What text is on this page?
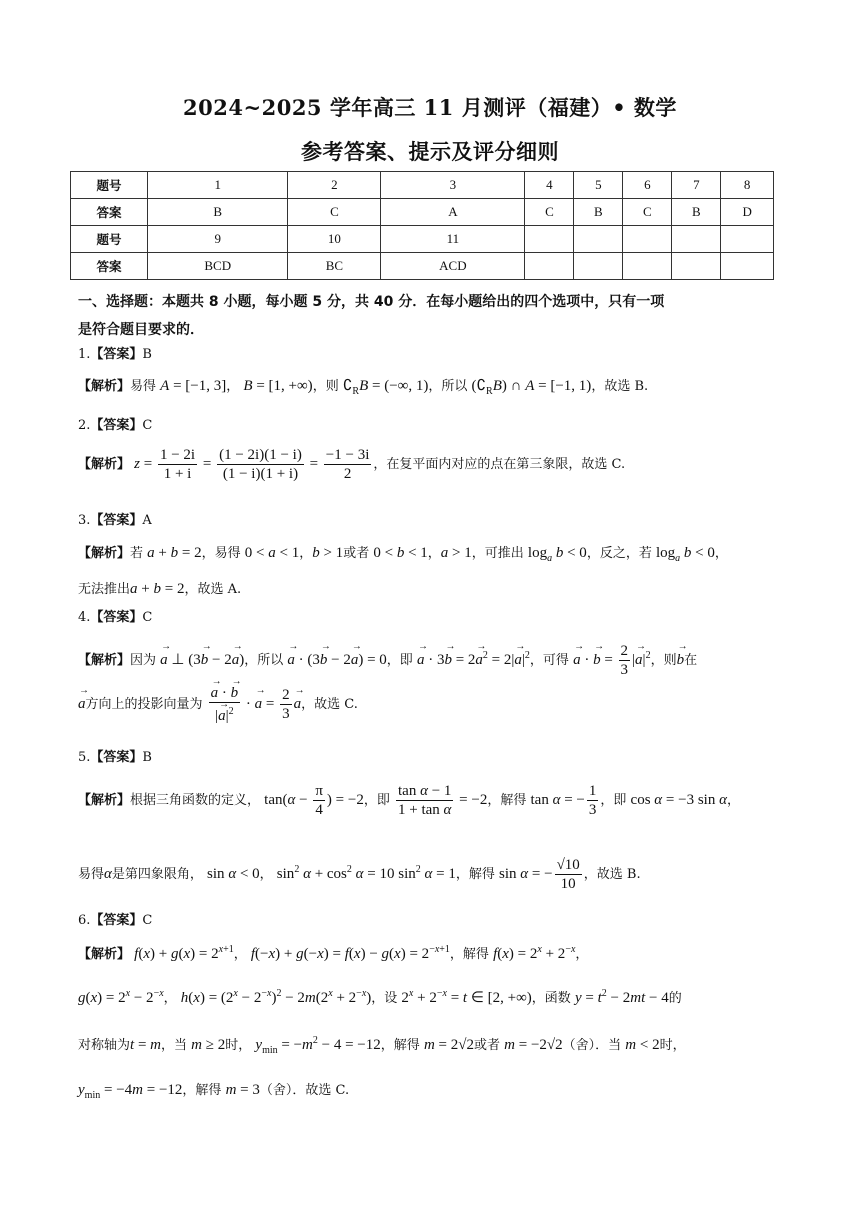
2024~2025 学年高三 11 月测评（福建）• 数学
参考答案、提示及评分细则
题号	1	2	3	4	5	6	7	8
答案	B	C	A	C	B	C	B	D
题号	9	10	11					
答案	BCD	BC	ACD					
一、选择题：本题共 8 小题，每小题 5 分，共 40 分．在每小题给出的四个选项中，只有一项
是符合题目要求的．
1.【答案】B
【解析】易得 A = [−1, 3]， B = [1, +∞)，则 $∁_RB$ = (−∞, 1)，所以 $(∁_RB)$ ∩ A = [−1, 1)，故选 B.
2.【答案】C
【解析】 $z = \frac{1 - 2i}{1 + i} = \frac{(1 - 2i)(1 - i)}{(1 - i)(1 + i)} = \frac{-1 - 3i}{2}$ ，在复平面内对应的点在第三象限，故选 C.
3.【答案】A
【解析】若 a + b = 2，易得 0 < a < 1，b > 1或者 0 < b < 1，a > 1，可推出 $\log_a b < 0$，反之，若 $\log_a b < 0$，
无法推出a + b = 2，故选 A.
4.【答案】C
【解析】因为 → a ⊥ (3→ b − 2→ a)，所以 → a · (3→ b − 2→ a) = 0，即 → $a \cdot 3\to b = 2\to a^2 = 2|\to a|^2$，可得 → a · → $b = \frac{2}{3}$ |→ $a|^2$，则→ b在
→ a方向上的投影向量为 → $\frac{a \cdot \to b}{|\to a|^2}$ · → $a = \frac{2}{3} \to a$，故选 C.
5.【答案】B
【解析】根据三角函数的定义， $\tan(\alpha - \frac{\pi}{4}$ ) = −2，即 $\frac{\text{tan α − 1}}{\text{1 + tan α}} = -2$，解得 tan α = − $\frac{1}{3}$ ，即 cos α = −3 sin α，
易得α是第四象限角， sin α < 0， $\sin^2 \alpha + \cos^2 \alpha = 10$ $\sin^2 \alpha = 1$，解得 sin α = − $\frac{√10}{10}$ ，故选 B.
6.【答案】C
【解析】 $f(x) + g(x) = 2^{x+1}$， $f(-x) + g(-x) = f(x) - g(x) = 2^{-x+1}$，解得 $f(x) = 2^x + 2^{-x}$，
$g(x) = 2^x - 2^{-x}$， $h(x) = (2^x - 2^{-x})^2 - 2m(2^x + 2^{-x})$，设 $2^x + 2^{-x} = t$ ∈ [2, +∞)，函数 $y = t^2 - 2mt - 4$的
对称轴为t = m，当 m ≥ 2时， $y_{min} = -m^2 - 4 = -12$，解得 m = 2√2或者 m = −2√2（舍）．当 m < 2时，
$y_{min} = -4m = -12$，解得 m = 3（舍）．故选 C.
